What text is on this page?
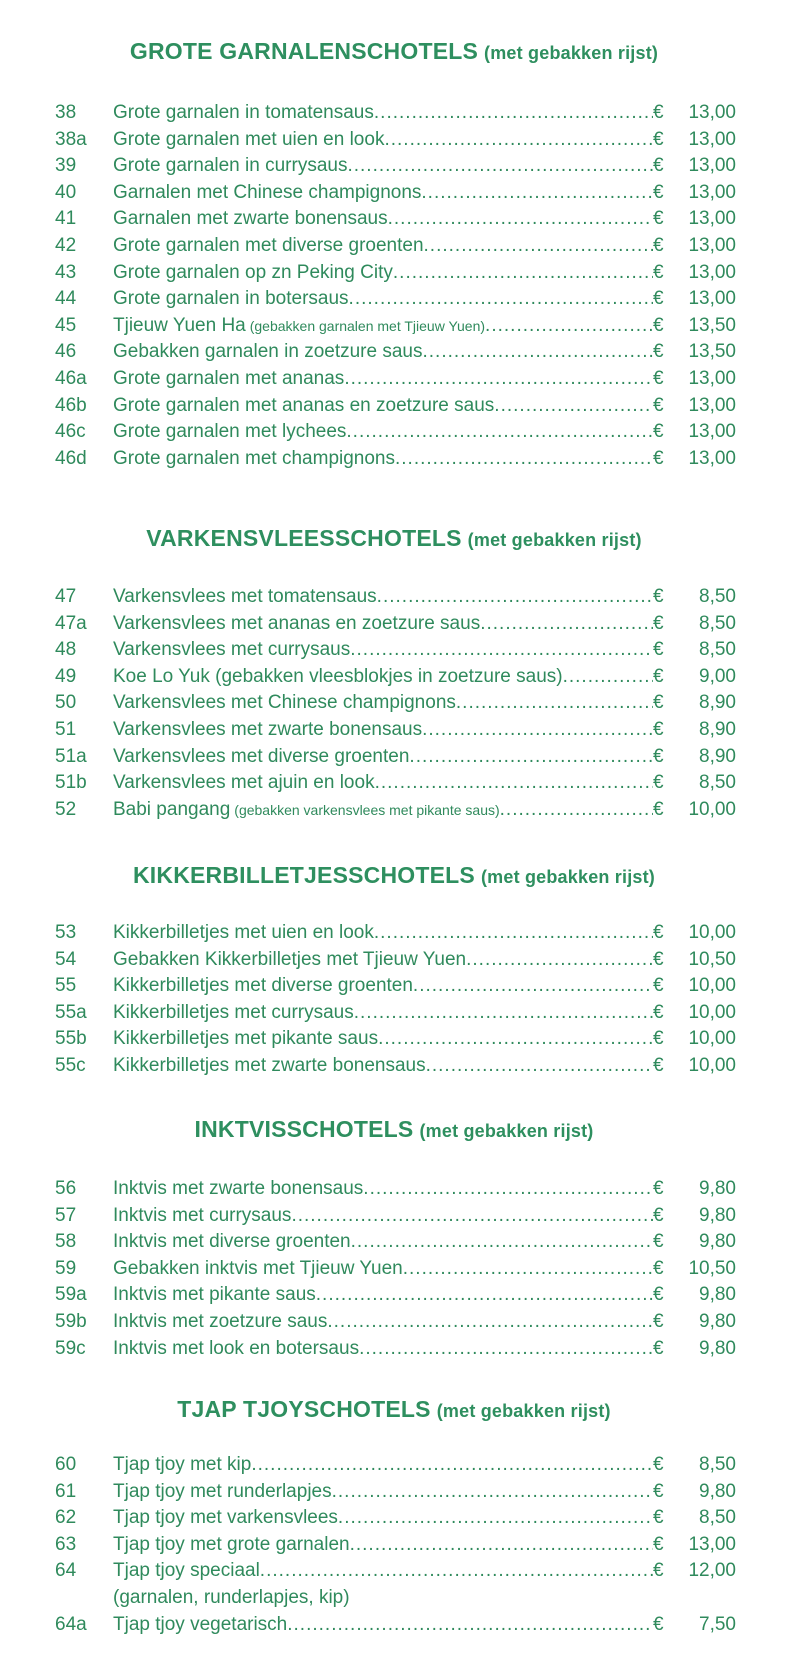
GROTE GARNALENSCHOTELS (met gebakken rijst)
38	Grote garnalen in tomatensaus .....	€	13,00
38a	Grote garnalen met uien en look .....	€	13,00
39	Grote garnalen in currysaus .....	€	13,00
40	Garnalen met Chinese champignons .....	€	13,00
41	Garnalen met zwarte bonensaus .....	€	13,00
42	Grote garnalen met diverse groenten .....	€	13,00
43	Grote garnalen op zn Peking City .....	€	13,00
44	Grote garnalen in botersaus .....	€	13,00
45	Tjieuw Yuen Ha (gebakken garnalen met Tjieuw Yuen) .....	€	13,50
46	Gebakken garnalen in zoetzure saus .....	€	13,50
46a	Grote garnalen met ananas .....	€	13,00
46b	Grote garnalen met ananas en zoetzure saus .....	€	13,00
46c	Grote garnalen met lychees .....	€	13,00
46d	Grote garnalen met champignons .....	€	13,00
VARKENSVLEESSCHOTELS (met gebakken rijst)
47	Varkensvlees met tomatensaus .....	€	8,50
47a	Varkensvlees met ananas en zoetzure saus .....	€	8,50
48	Varkensvlees met currysaus .....	€	8,50
49	Koe Lo Yuk (gebakken vleesblokjes in zoetzure saus) .....	€	9,00
50	Varkensvlees met Chinese champignons .....	€	8,90
51	Varkensvlees met zwarte bonensaus .....	€	8,90
51a	Varkensvlees met diverse groenten .....	€	8,90
51b	Varkensvlees met ajuin en look .....	€	8,50
52	Babi pangang (gebakken varkensvlees met pikante saus) .....	€	10,00
KIKKERBILLETJESSCHOTELS (met gebakken rijst)
53	Kikkerbilletjes met uien en look .....	€	10,00
54	Gebakken Kikkerbilletjes met Tjieuw Yuen .....	€	10,50
55	Kikkerbilletjes met diverse groenten .....	€	10,00
55a	Kikkerbilletjes met currysaus .....	€	10,00
55b	Kikkerbilletjes met pikante saus .....	€	10,00
55c	Kikkerbilletjes met zwarte bonensaus .....	€	10,00
INKTVISSCHOTELS (met gebakken rijst)
56	Inktvis met zwarte bonensaus .....	€	9,80
57	Inktvis met currysaus .....	€	9,80
58	Inktvis met diverse groenten .....	€	9,80
59	Gebakken inktvis met Tjieuw Yuen .....	€	10,50
59a	Inktvis met pikante saus .....	€	9,80
59b	Inktvis met zoetzure saus .....	€	9,80
59c	Inktvis met look en botersaus .....	€	9,80
TJAP TJOYSCHOTELS (met gebakken rijst)
60	Tjap tjoy met kip .....	€	8,50
61	Tjap tjoy met runderlapjes .....	€	9,80
62	Tjap tjoy met varkensvlees .....	€	8,50
63	Tjap tjoy met grote garnalen .....	€	13,00
64	Tjap tjoy speciaal .....	€	12,00
(garnalen, runderlapjes, kip)
64a	Tjap tjoy vegetarisch .....	€	7,50
